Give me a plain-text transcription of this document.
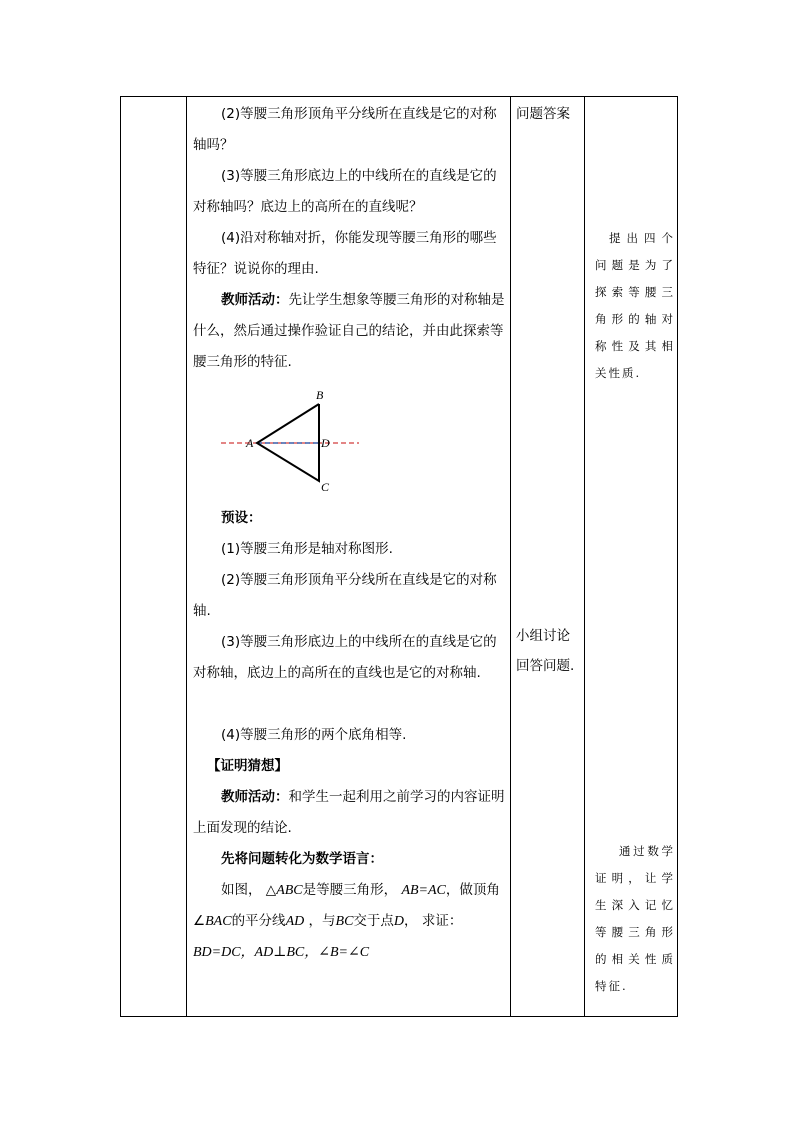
(2)等腰三角形顶角平分线所在直线是它的对称轴吗？

(3)等腰三角形底边上的中线所在的直线是它的对称轴吗？底边上的高所在的直线呢？

(4)沿对称轴对折，你能发现等腰三角形的哪些特征？说说你的理由.

教师活动：先让学生想象等腰三角形的对称轴是什么，然后通过操作验证自己的结论，并由此探索等腰三角形的特征.

A
B
C
D

预设：

(1)等腰三角形是轴对称图形.

(2)等腰三角形顶角平分线所在直线是它的对称轴.

(3)等腰三角形底边上的中线所在的直线是它的对称轴，底边上的高所在的直线也是它的对称轴.

(4)等腰三角形的两个底角相等.

【证明猜想】

教师活动：和学生一起利用之前学习的内容证明上面发现的结论.

先将问题转化为数学语言：

如图， △ABC是等腰三角形， AB=AC，做顶角∠BAC的平分线AD ，与BC交于点D， 求证：

BD=DC，AD⊥BC，∠B=∠C

问题答案
小组讨论回答问题.
提出四个问题是为了探索等腰三角形的轴对称性及其相关性质.
通过数学证明，让学生深入记忆等腰三角形的相关性质特征.
